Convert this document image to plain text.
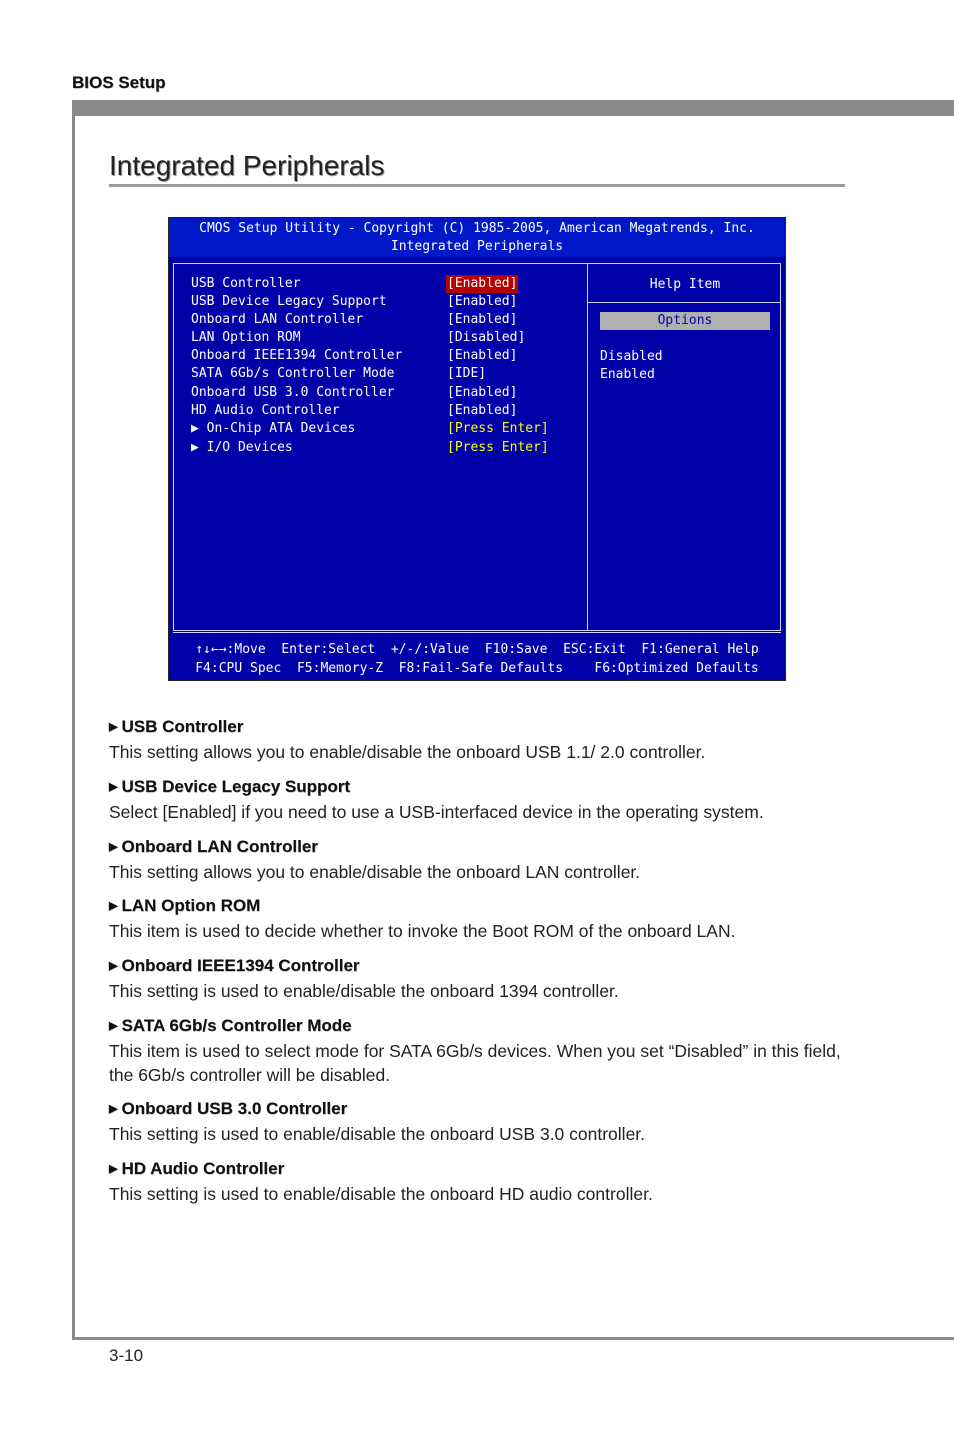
BIOS Setup
Integrated Peripherals
CMOS Setup Utility - Copyright (C) 1985-2005, American Megatrends, Inc.
Integrated Peripherals
USB Controller	[Enabled]
USB Device Legacy Support	[Enabled]
Onboard LAN Controller	[Enabled]
LAN Option ROM	[Disabled]
Onboard IEEE1394 Controller	[Enabled]
SATA 6Gb/s Controller Mode	[IDE]
Onboard USB 3.0 Controller	[Enabled]
HD Audio Controller	[Enabled]
▶ On-Chip ATA Devices	[Press Enter]
▶ I/O Devices	[Press Enter]
Help Item
Options
Disabled
Enabled
↑↓←→:Move  Enter:Select  +/-/:Value  F10:Save  ESC:Exit  F1:General Help
F4:CPU Spec  F5:Memory-Z  F8:Fail-Safe Defaults    F6:Optimized Defaults
▶ USB Controller
This setting allows you to enable/disable the onboard USB 1.1/ 2.0 controller.
▶ USB Device Legacy Support
Select [Enabled] if you need to use a USB-interfaced device in the operating system.
▶ Onboard LAN Controller
This setting allows you to enable/disable the onboard LAN controller.
▶ LAN Option ROM
This item is used to decide whether to invoke the Boot ROM of the onboard LAN.
▶ Onboard IEEE1394 Controller
This setting is used to enable/disable the onboard 1394 controller.
▶ SATA 6Gb/s Controller Mode
This item is used to select mode for SATA 6Gb/s devices. When you set “Disabled” in this field, the 6Gb/s controller will be disabled.
▶ Onboard USB 3.0 Controller
This setting is used to enable/disable the onboard USB 3.0 controller.
▶ HD Audio Controller
This setting is used to enable/disable the onboard HD audio controller.
3-10
